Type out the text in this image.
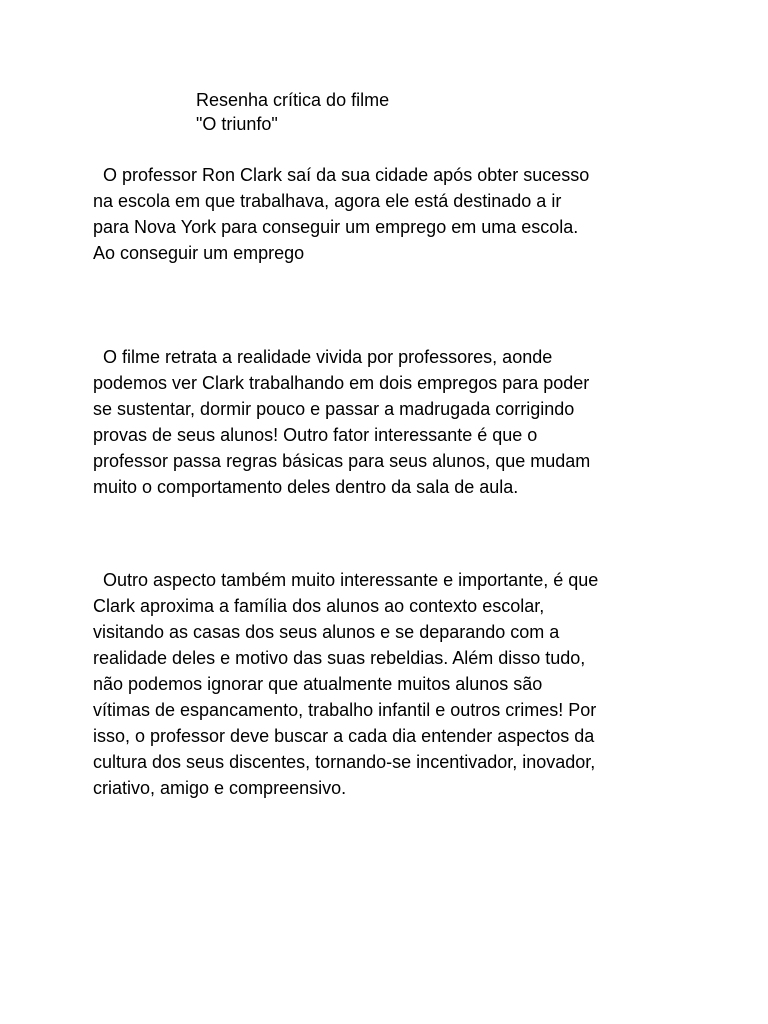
Resenha crítica do filme
"O triunfo"
O professor Ron Clark saí da sua cidade após obter sucesso
na escola em que trabalhava, agora ele está destinado a ir
para Nova York para conseguir um emprego em uma escola.
Ao conseguir um emprego
O filme retrata a realidade vivida por professores, aonde
podemos ver Clark trabalhando em dois empregos para poder
se sustentar, dormir pouco e passar a madrugada corrigindo
provas de seus alunos! Outro fator interessante é que o
professor passa regras básicas para seus alunos, que mudam
muito o comportamento deles dentro da sala de aula.
Outro aspecto também muito interessante e importante, é que
Clark aproxima a família dos alunos ao contexto escolar,
visitando as casas dos seus alunos e se deparando com a
realidade deles e motivo das suas rebeldias. Além disso tudo,
não podemos ignorar que atualmente muitos alunos são
vítimas de espancamento, trabalho infantil e outros crimes! Por
isso, o professor deve buscar a cada dia entender aspectos da
cultura dos seus discentes, tornando-se incentivador, inovador,
criativo, amigo e compreensivo.
